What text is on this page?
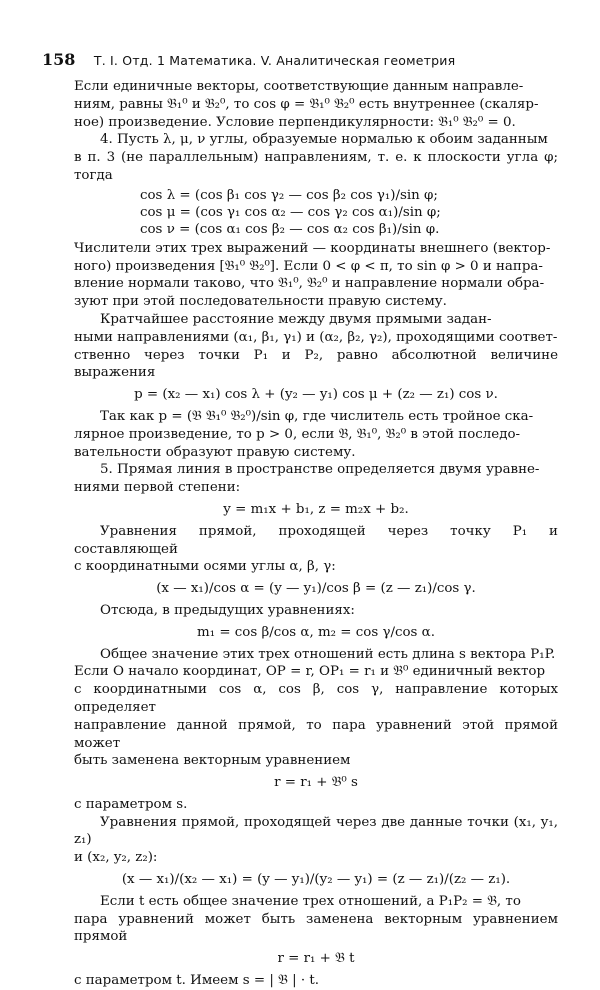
158 Т. I. Отд. 1 Математика. V. Аналитическая геометрия

Если единичные векторы, соответствующие данным направле-
ниям, равны 𝔅₁⁰ и 𝔅₂⁰, то cos φ = 𝔅₁⁰ 𝔅₂⁰ есть внутреннее (скаляр-
ное) произведение. Условие перпендикулярности: 𝔅₁⁰ 𝔅₂⁰ = 0.

4. Пусть λ, μ, ν углы, образуемые нормалью к обоим заданным
в п. 3 (не параллельным) направлениям, т. е. к плоскости угла φ; тогда

cos λ = (cos β₁ cos γ₂ — cos β₂ cos γ₁)/sin φ;
cos μ = (cos γ₁ cos α₂ — cos γ₂ cos α₁)/sin φ;
cos ν = (cos α₁ cos β₂ — cos α₂ cos β₁)/sin φ.

Числители этих трех выражений — координаты внешнего (вектор-
ного) произведения [𝔅₁⁰ 𝔅₂⁰]. Если 0 < φ < π, то sin φ > 0 и напра-
вление нормали таково, что 𝔅₁⁰, 𝔅₂⁰ и направление нормали обра-
зуют при этой последовательности правую систему.

Кратчайшее расстояние между двумя прямыми задан-
ными направлениями (α₁, β₁, γ₁) и (α₂, β₂, γ₂), проходящими соответ-
ственно через точки P₁ и P₂, равно абсолютной величине выражения

p = (x₂ — x₁) cos λ + (y₂ — y₁) cos μ + (z₂ — z₁) cos ν.

Так как p = (𝔅 𝔅₁⁰ 𝔅₂⁰)/sin φ, где числитель есть тройное ска-
лярное произведение, то p > 0, если 𝔅, 𝔅₁⁰, 𝔅₂⁰ в этой последо-
вательности образуют правую систему.

5. Прямая линия в пространстве определяется двумя уравне-
ниями первой степени:

y = m₁x + b₁, z = m₂x + b₂.

Уравнения прямой, проходящей через точку P₁ и составляющей
с координатными осями углы α, β, γ:

(x — x₁)/cos α = (y — y₁)/cos β = (z — z₁)/cos γ.

Отсюда, в предыдущих уравнениях:

m₁ = cos β/cos α, m₂ = cos γ/cos α.

Общее значение этих трех отношений есть длина s вектора P₁P.
Если O начало координат, OP = r, OP₁ = r₁ и 𝔅⁰ единичный вектор
с координатными cos α, cos β, cos γ, направление которых определяет
направление данной прямой, то пара уравнений этой прямой может
быть заменена векторным уравнением

r = r₁ + 𝔅⁰ s

с параметром s.

Уравнения прямой, проходящей через две данные точки (x₁, y₁, z₁)
и (x₂, y₂, z₂):

(x — x₁)/(x₂ — x₁) = (y — y₁)/(y₂ — y₁) = (z — z₁)/(z₂ — z₁).

Если t есть общее значение трех отношений, а P₁P₂ = 𝔅, то
пара уравнений может быть заменена векторным уравнением прямой

r = r₁ + 𝔅 t

с параметром t. Имеем s = | 𝔅 | · t.
